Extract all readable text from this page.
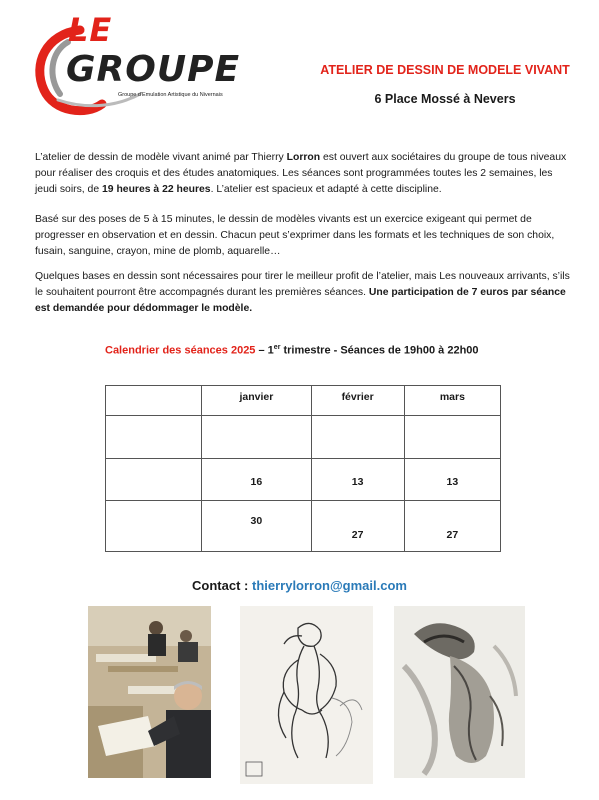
LE
GROUPE
Groupe d'Emulation Artistique du Nivernais
ATELIER DE DESSIN DE MODELE VIVANT
6 Place Mossé à Nevers
L’atelier de dessin de modèle vivant animé par Thierry Lorron est ouvert aux sociétaires du groupe de tous niveaux pour réaliser des croquis et des études anatomiques. Les séances sont programmées toutes les 2 semaines, les jeudi soirs, de 19 heures à 22 heures. L’atelier est spacieux et adapté à cette discipline.
Basé sur des poses de 5 à 15 minutes, le dessin de modèles vivants est un exercice exigeant qui permet de progresser en observation et en dessin. Chacun peut s’exprimer dans les formats et les techniques de son choix, fusain, sanguine, crayon, mine de plomb, aquarelle…
Quelques bases en dessin sont nécessaires pour tirer le meilleur profit de l’atelier, mais Les nouveaux arrivants, s’ils le souhaitent pourront être accompagnés durant les premières séances. Une participation de 7 euros par séance est demandée pour dédommager le modèle.
Calendrier des séances 2025 – 1er trimestre - Séances de 19h00 à 22h00
	janvier	février	mars

	16	13	13
	30	27	27
Contact : thierrylorron@gmail.com
